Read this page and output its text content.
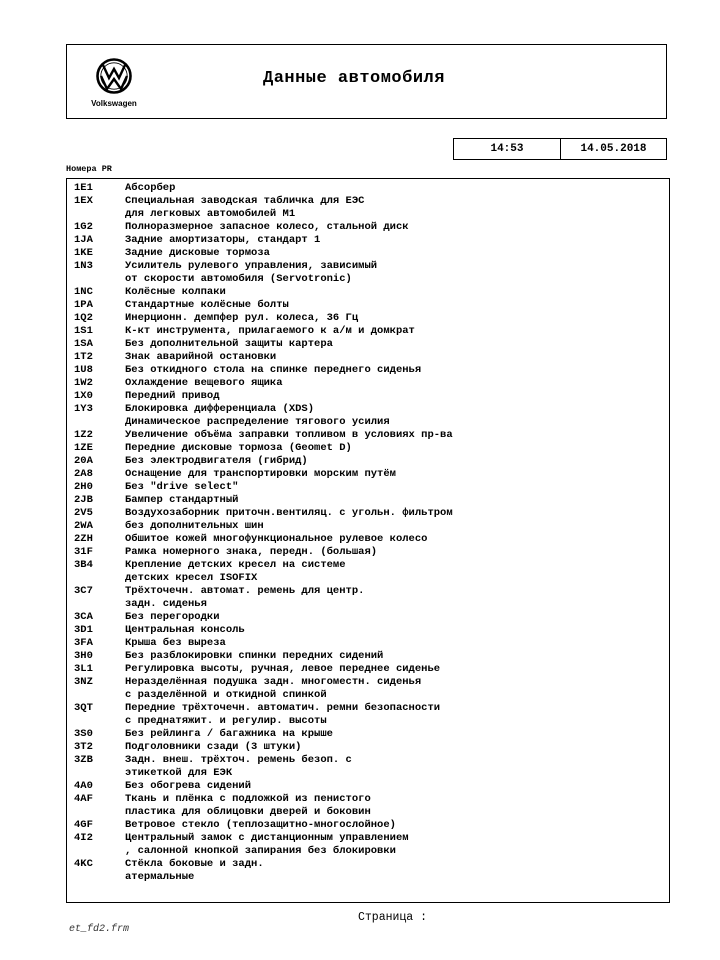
Volkswagen
Данные автомобиля
14:53	14.05.2018
Номера PR
1E1	Абсорбер
1EX	Специальная заводская табличка для ЕЭС
для легковых автомобилей M1
1G2	Полноразмерное запасное колесо, стальной диск
1JA	Задние амортизаторы, стандарт 1
1KE	Задние дисковые тормоза
1N3	Усилитель рулевого управления, зависимый
от скорости автомобиля (Servotronic)
1NC	Колёсные колпаки
1PA	Стандартные колёсные болты
1Q2	Инерционн. демпфер рул. колеса, 36 Гц
1S1	К-кт инструмента, прилагаемого к а/м и домкрат
1SA	Без дополнительной защиты картера
1T2	Знак аварийной остановки
1U8	Без откидного стола на спинке переднего сиденья
1W2	Охлаждение вещевого ящика
1X0	Передний привод
1Y3	Блокировка дифференциала (XDS)
Динамическое распределение тягового усилия
1Z2	Увеличение объёма заправки топливом в условиях пр-ва
1ZE	Передние дисковые тормоза (Geomet D)
20A	Без электродвигателя (гибрид)
2A8	Оснащение для транспортировки морским путём
2H0	Без "drive select"
2JB	Бампер стандартный
2V5	Воздухозаборник приточн.вентиляц. с угольн. фильтром
2WA	без дополнительных шин
2ZH	Обшитое кожей многофункциональное рулевое колесо
31F	Рамка номерного знака, передн. (большая)
3B4	Крепление детских кресел на системе
детских кресел ISOFIX
3C7	Трёхточечн. автомат. ремень для центр.
задн. сиденья
3CA	Без перегородки
3D1	Центральная консоль
3FA	Крыша без выреза
3H0	Без разблокировки спинки передних сидений
3L1	Регулировка высоты, ручная, левое переднее сиденье
3NZ	Неразделённая подушка задн. многоместн. сиденья
с разделённой и откидной спинкой
3QT	Передние трёхточечн. автоматич. ремни безопасности
с преднатяжит. и регулир. высоты
3S0	Без рейлинга / багажника на крыше
3T2	Подголовники сзади (3 штуки)
3ZB	Задн. внеш. трёхточ. ремень безоп. с
этикеткой для ЕЭК
4A0	Без обогрева сидений
4AF	Ткань и плёнка с подложкой из пенистого
пластика для облицовки дверей и боковин
4GF	Ветровое стекло (теплозащитно-многослойное)
4I2	Центральный замок с дистанционным управлением
, салонной кнопкой запирания без блокировки
4KC	Стёкла боковые и задн.
атермальные
Страница :
et_fd2.frm
